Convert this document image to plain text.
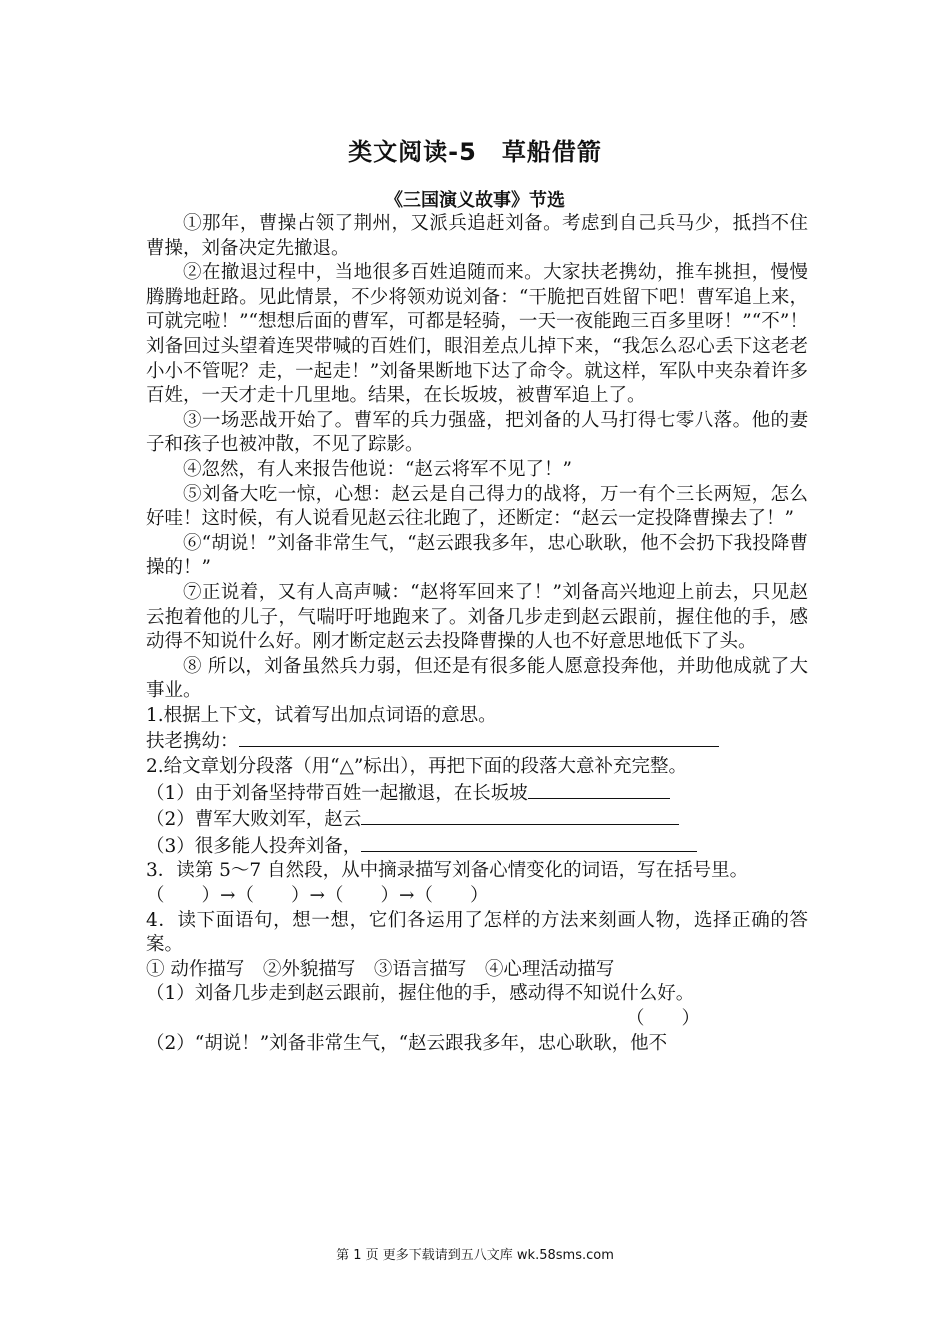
类文阅读-5　草船借箭
《三国演义故事》节选

①那年，曹操占领了荆州，又派兵追赶刘备。考虑到自己兵马少，抵挡不住曹操，刘备决定先撤退。

②在撤退过程中，当地很多百姓追随而来。大家扶老携幼，推车挑担，慢慢腾腾地赶路。见此情景，不少将领劝说刘备：“干脆把百姓留下吧！曹军追上来，可就完啦！”“想想后面的曹军，可都是轻骑，一天一夜能跑三百多里呀！”“不”！刘备回过头望着连哭带喊的百姓们，眼泪差点儿掉下来，“我怎么忍心丢下这老老小小不管呢？走，一起走！”刘备果断地下达了命令。就这样，军队中夹杂着许多百姓，一天才走十几里地。结果，在长坂坡，被曹军追上了。

③一场恶战开始了。曹军的兵力强盛，把刘备的人马打得七零八落。他的妻子和孩子也被冲散，不见了踪影。

④忽然，有人来报告他说：“赵云将军不见了！”

⑤刘备大吃一惊，心想：赵云是自己得力的战将，万一有个三长两短，怎么好哇！这时候，有人说看见赵云往北跑了，还断定：“赵云一定投降曹操去了！”

⑥“胡说！”刘备非常生气，“赵云跟我多年，忠心耿耿，他不会扔下我投降曹操的！”

⑦正说着，又有人高声喊：“赵将军回来了！”刘备高兴地迎上前去，只见赵云抱着他的儿子，气喘吁吁地跑来了。刘备几步走到赵云跟前，握住他的手，感动得不知说什么好。刚才断定赵云去投降曹操的人也不好意思地低下了头。

⑧ 所以，刘备虽然兵力弱，但还是有很多能人愿意投奔他，并助他成就了大事业。

1.根据上下文，试着写出加点词语的意思。

扶老携幼：

2.给文章划分段落（用“△”标出），再把下面的段落大意补充完整。

（1）由于刘备坚持带百姓一起撤退，在长坂坡

（2）曹军大败刘军，赵云

（3）很多能人投奔刘备，

3．读第 5～7 自然段，从中摘录描写刘备心情变化的词语，写在括号里。

（　　）→（　　）→（　　）→（　　）

4．读下面语句，想一想，它们各运用了怎样的方法来刻画人物，选择正确的答案。

① 动作描写　②外貌描写　③语言描写　④心理活动描写

（1）刘备几步走到赵云跟前，握住他的手，感动得不知说什么好。

（　　）

（2）“胡说！”刘备非常生气，“赵云跟我多年，忠心耿耿，他不

第 1 页 更多下载请到五八文库 wk.58sms.com
